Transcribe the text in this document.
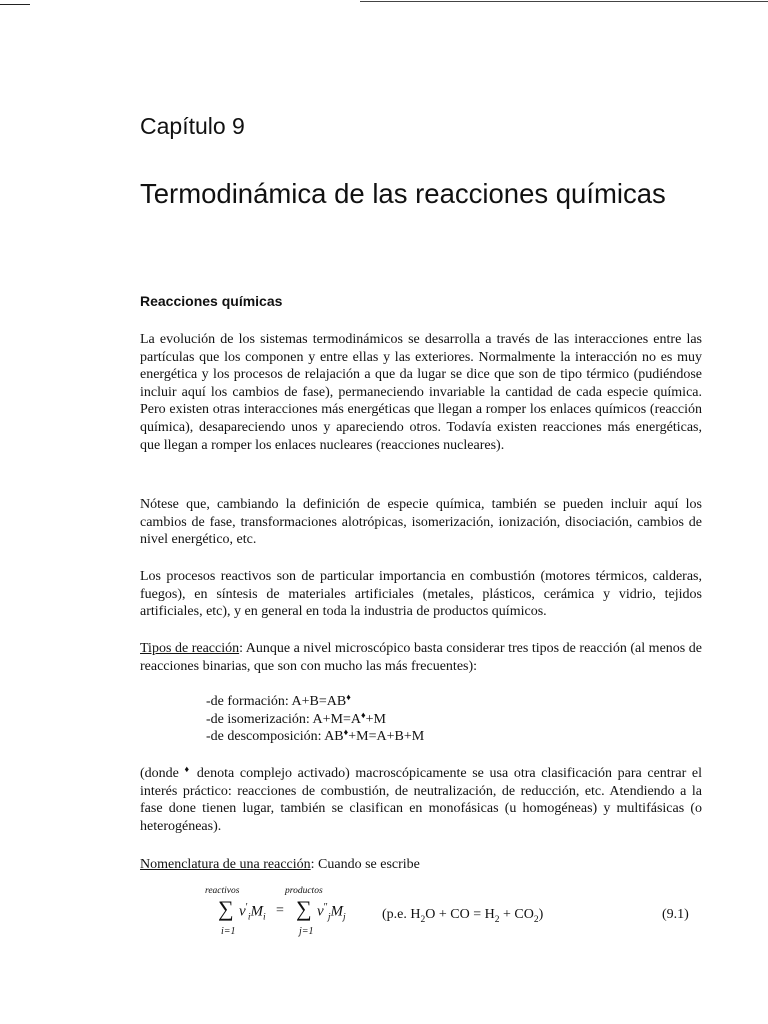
Capítulo 9
Termodinámica de las reacciones químicas
Reacciones químicas

La evolución de los sistemas termodinámicos se desarrolla a través de las interacciones entre las partículas que los componen y entre ellas y las exteriores. Normalmente la interacción no es muy energética y los procesos de relajación a que da lugar se dice que son de tipo térmico (pudiéndose incluir aquí los cambios de fase), permaneciendo invariable la cantidad de cada especie química. Pero existen otras interacciones más energéticas que llegan a romper los enlaces químicos (reacción química), desapareciendo unos y apareciendo otros. Todavía existen reacciones más energéticas, que llegan a romper los enlaces nucleares (reacciones nucleares).

Nótese que, cambiando la definición de especie química, también se pueden incluir aquí los cambios de fase, transformaciones alotrópicas, isomerización, ionización, disociación, cambios de nivel energético, etc.

Los procesos reactivos son de particular importancia en combustión (motores térmicos, calderas, fuegos), en síntesis de materiales artificiales (metales, plásticos, cerámica y vidrio, tejidos artificiales, etc), y en general en toda la industria de productos químicos.

Tipos de reacción: Aunque a nivel microscópico basta considerar tres tipos de reacción (al menos de reacciones binarias, que son con mucho las más frecuentes):

-de formación: A+B=AB♦
-de isomerización: A+M=A♦+M
-de descomposición: AB♦+M=A+B+M

(donde ♦ denota complejo activado) macroscópicamente se usa otra clasificación para centrar el interés práctico: reacciones de combustión, de neutralización, de reducción, etc. Atendiendo a la fase done tienen lugar, también se clasifican en monofásicas (u homogéneas) y multifásicas (o heterogéneas).

Nomenclatura de una reacción: Cuando se escribe

reactivos	productos
∑ $\nu'_iM_i$ = ∑ $\nu''_jM_j$
i=1	j=1
(p.e. $H_2O$ + CO = $H_2 + CO_2$)	(9.1)
